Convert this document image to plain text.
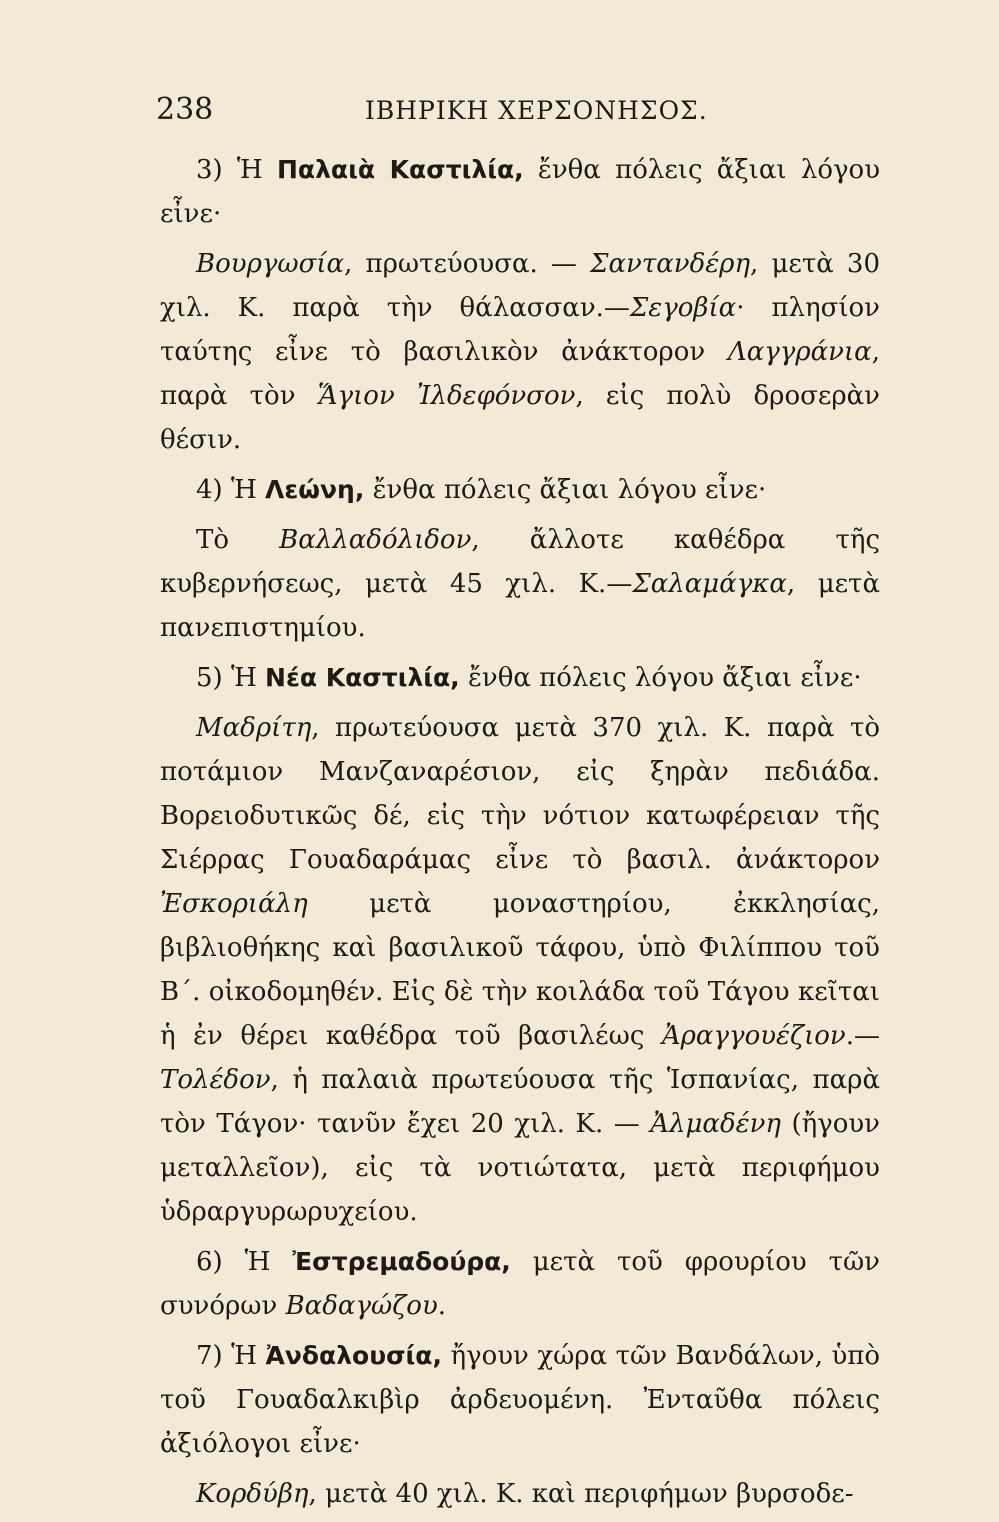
238	ΙΒΗΡΙΚΗ ΧΕΡΣΟΝΗΣΟΣ.

3) Ἡ Παλαιὰ Καστιλία, ἔνθα πόλεις ἄξιαι λόγου εἶνε·

Βουργωσία, πρωτεύουσα. — Σαντανδέρη, μετὰ 30 χιλ. Κ. παρὰ τὴν θάλασσαν.—Σεγοβία· πλησίον ταύτης εἶνε τὸ βασιλικὸν ἀνάκτορον Λαγγράνια, παρὰ τὸν Ἅγιον Ἰλδεφόνσον, εἰς πολὺ δροσερὰν θέσιν.

4) Ἡ Λεώνη, ἔνθα πόλεις ἄξιαι λόγου εἶνε·

Τὸ Βαλλαδόλιδον, ἄλλοτε καθέδρα τῆς κυβερνήσεως, μετὰ 45 χιλ. Κ.—Σαλαμάγκα, μετὰ πανεπιστημίου.

5) Ἡ Νέα Καστιλία, ἔνθα πόλεις λόγου ἄξιαι εἶνε·

Μαδρίτη, πρωτεύουσα μετὰ 370 χιλ. Κ. παρὰ τὸ ποτάμιον Μανζαναρέσιον, εἰς ξηρὰν πεδιάδα. Βορειοδυτικῶς δέ, εἰς τὴν νότιον κατωφέρειαν τῆς Σιέρρας Γουαδαράμας εἶνε τὸ βασιλ. ἀνάκτορον Ἐσκοριάλη μετὰ μοναστηρίου, ἐκκλησίας, βιβλιοθήκης καὶ βασιλικοῦ τάφου, ὑπὸ Φιλίππου τοῦ Β΄. οἰκοδομηθέν. Εἰς δὲ τὴν κοιλάδα τοῦ Τάγου κεῖται ἡ ἐν θέρει καθέδρα τοῦ βασιλέως Ἀραγγουέζιον.— Τολέδον, ἡ παλαιὰ πρωτεύουσα τῆς Ἱσπανίας, παρὰ τὸν Τάγον· τανῦν ἔχει 20 χιλ. Κ. — Ἀλμαδένη (ἤγουν μεταλλεῖον), εἰς τὰ νοτιώτατα, μετὰ περιφήμου ὑδραργυρωρυχείου.

6) Ἡ Ἐστρεμαδούρα, μετὰ τοῦ φρουρίου τῶν συνόρων Βαδαγώζου.

7) Ἡ Ἀνδαλουσία, ἤγουν χώρα τῶν Βανδάλων, ὑπὸ τοῦ Γουαδαλκιβὶρ ἀρδευομένη. Ἐνταῦθα πόλεις ἀξιόλογοι εἶνε·

Κορδύβη, μετὰ 40 χιλ. Κ. καὶ περιφήμων βυρσοδε-
